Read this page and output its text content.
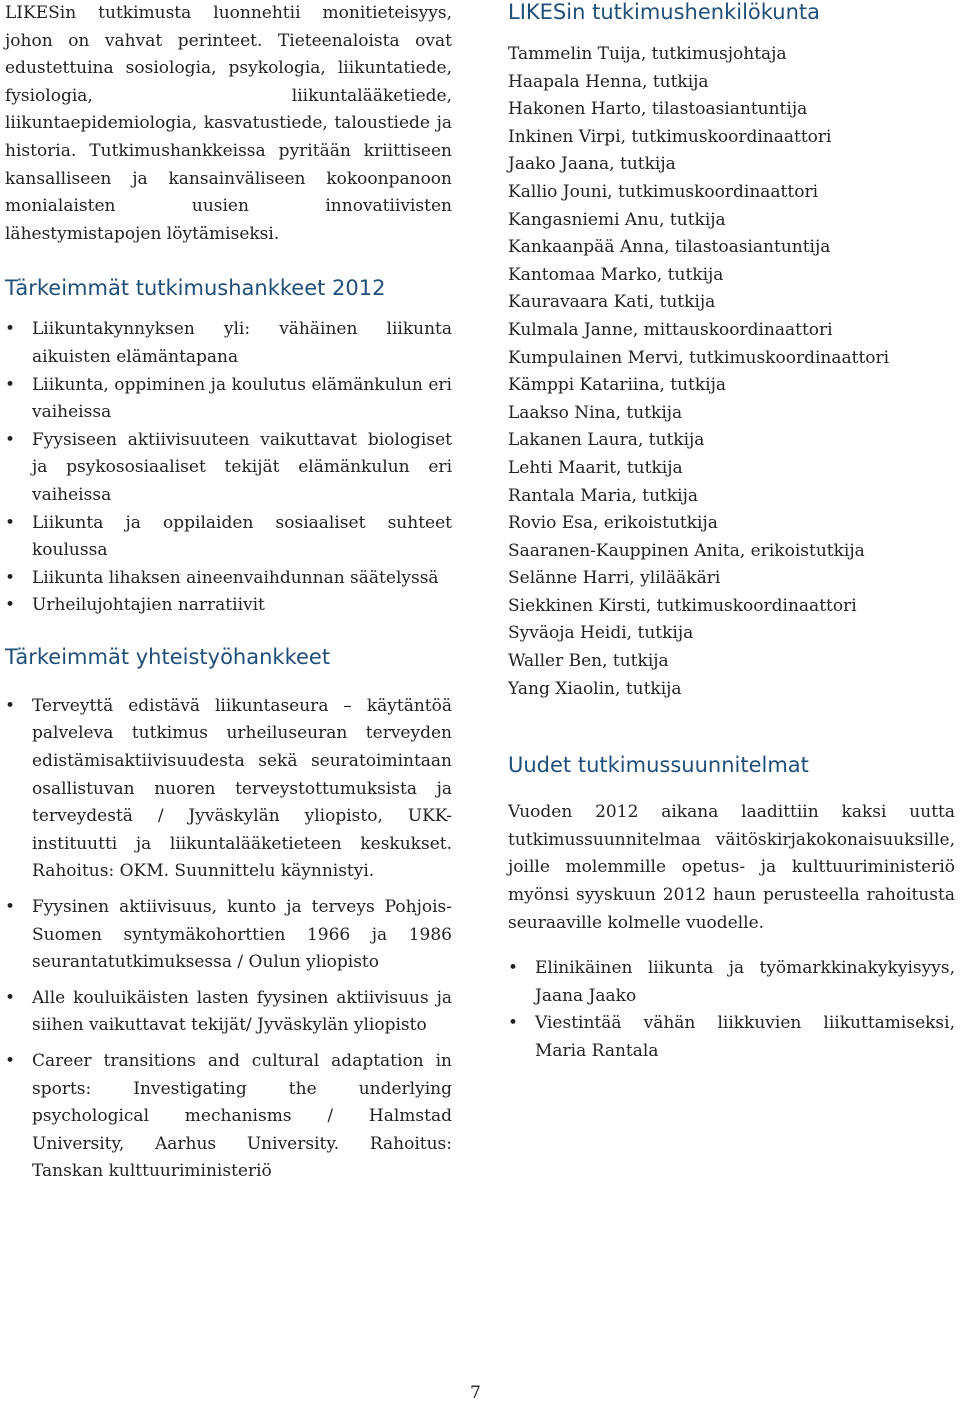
LIKESin tutkimusta luonnehtii monitieteisyys, johon on vahvat perinteet. Tieteenaloista ovat edustettuina sosiologia, psykologia, liikuntatiede, fysiologia, liikuntalääketiede, liikuntaepidemiologia, kasvatustiede, taloustiede ja historia. Tutkimushankkeissa pyritään kriittiseen kansalliseen ja kansainväliseen kokoonpanoon monialaisten uusien innovatiivisten lähestymistapojen löytämiseksi.

Tärkeimmät tutkimushankkeet 2012
• Liikuntakynnyksen yli: vähäinen liikunta aikuisten elämäntapana
• Liikunta, oppiminen ja koulutus elämänkulun eri vaiheissa
• Fyysiseen aktiivisuuteen vaikuttavat biologiset ja psykososiaaliset tekijät elämänkulun eri vaiheissa
• Liikunta ja oppilaiden sosiaaliset suhteet koulussa
• Liikunta lihaksen aineenvaihdunnan säätelyssä
• Urheilujohtajien narratiivit
Tärkeimmät yhteistyöhankkeet
• Terveyttä edistävä liikuntaseura – käytäntöä palveleva tutkimus urheiluseuran terveyden edistämisaktiivisuudesta sekä seuratoimintaan osallistuvan nuoren terveystottumuksista ja terveydestä / Jyväskylän yliopisto, UKK-instituutti ja liikuntalääketieteen keskukset. Rahoitus: OKM. Suunnittelu käynnistyi.
• Fyysinen aktiivisuus, kunto ja terveys Pohjois-Suomen syntymäkohorttien 1966 ja 1986 seurantatutkimuksessa / Oulun yliopisto
• Alle kouluikäisten lasten fyysinen aktiivisuus ja siihen vaikuttavat tekijät/ Jyväskylän yliopisto
• Career transitions and cultural adaptation in sports: Investigating the underlying psychological mechanisms / Halmstad University, Aarhus University. Rahoitus: Tanskan kulttuuriministeriö
LIKESin tutkimushenkilökunta
Tammelin Tuija, tutkimusjohtaja
Haapala Henna, tutkija
Hakonen Harto, tilastoasiantuntija
Inkinen Virpi, tutkimuskoordinaattori
Jaako Jaana, tutkija
Kallio Jouni, tutkimuskoordinaattori
Kangasniemi Anu, tutkija
Kankaanpää Anna, tilastoasiantuntija
Kantomaa Marko, tutkija
Kauravaara Kati, tutkija
Kulmala Janne, mittauskoordinaattori
Kumpulainen Mervi, tutkimuskoordinaattori
Kämppi Katariina, tutkija
Laakso Nina, tutkija
Lakanen Laura, tutkija
Lehti Maarit, tutkija
Rantala Maria, tutkija
Rovio Esa, erikoistutkija
Saaranen-Kauppinen Anita, erikoistutkija
Selänne Harri, ylilääkäri
Siekkinen Kirsti, tutkimuskoordinaattori
Syväoja Heidi, tutkija
Waller Ben, tutkija
Yang Xiaolin, tutkija
Uudet tutkimussuunnitelmat

Vuoden 2012 aikana laadittiin kaksi uutta tutkimussuunnitelmaa väitöskirjakokonaisuuksille, joille molemmille opetus- ja kulttuuriministeriö myönsi syyskuun 2012 haun perusteella rahoitusta seuraaville kolmelle vuodelle.

• Elinikäinen liikunta ja työmarkkinakykyisyys, Jaana Jaako
• Viestintää vähän liikkuvien liikuttamiseksi, Maria Rantala
7
